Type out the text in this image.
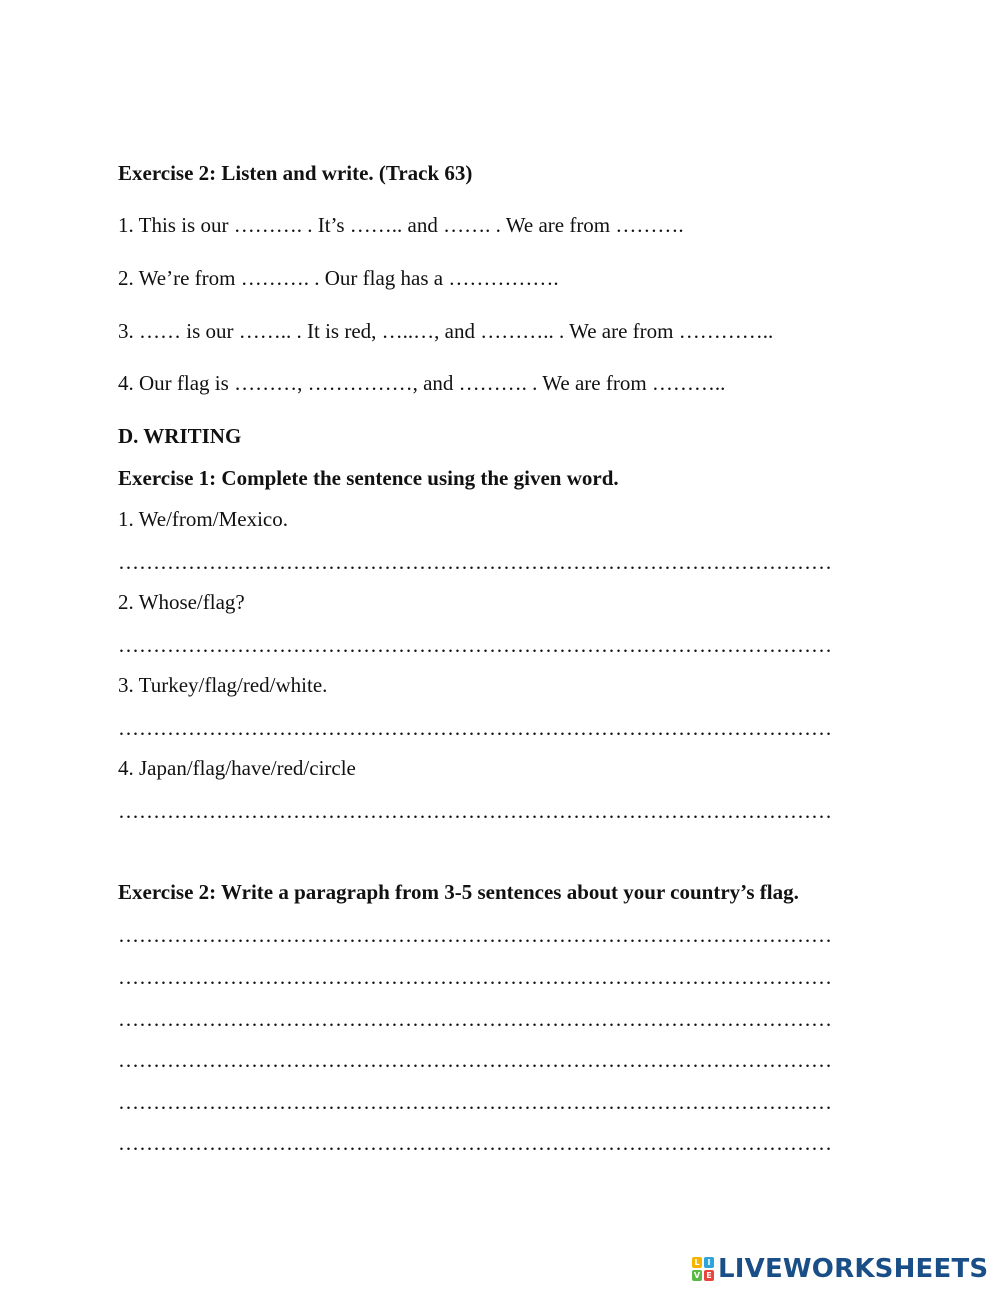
Exercise 2: Listen and write. (Track 63)
1. This is our ………. . It’s …….. and ……. . We are from ……….
2. We’re from ………. . Our flag has a …………….
3. …… is our …….. . It is red, …..…, and ……….. . We are from …………..
4. Our flag is ………, ……………, and ………. . We are from ………..
D. WRITING
Exercise 1: Complete the sentence using the given word.
1. We/from/Mexico.
…………………………………………………………………………………………
2. Whose/flag?
…………………………………………………………………………………………
3. Turkey/flag/red/white.
…………………………………………………………………………………………
4. Japan/flag/have/red/circle
…………………………………………………………………………………………
Exercise 2: Write a paragraph from 3-5 sentences about your country’s flag.
…………………………………………………………………………………………
…………………………………………………………………………………………
…………………………………………………………………………………………
…………………………………………………………………………………………
…………………………………………………………………………………………
…………………………………………………………………………………………
L I
V E LIVEWORKSHEETS
